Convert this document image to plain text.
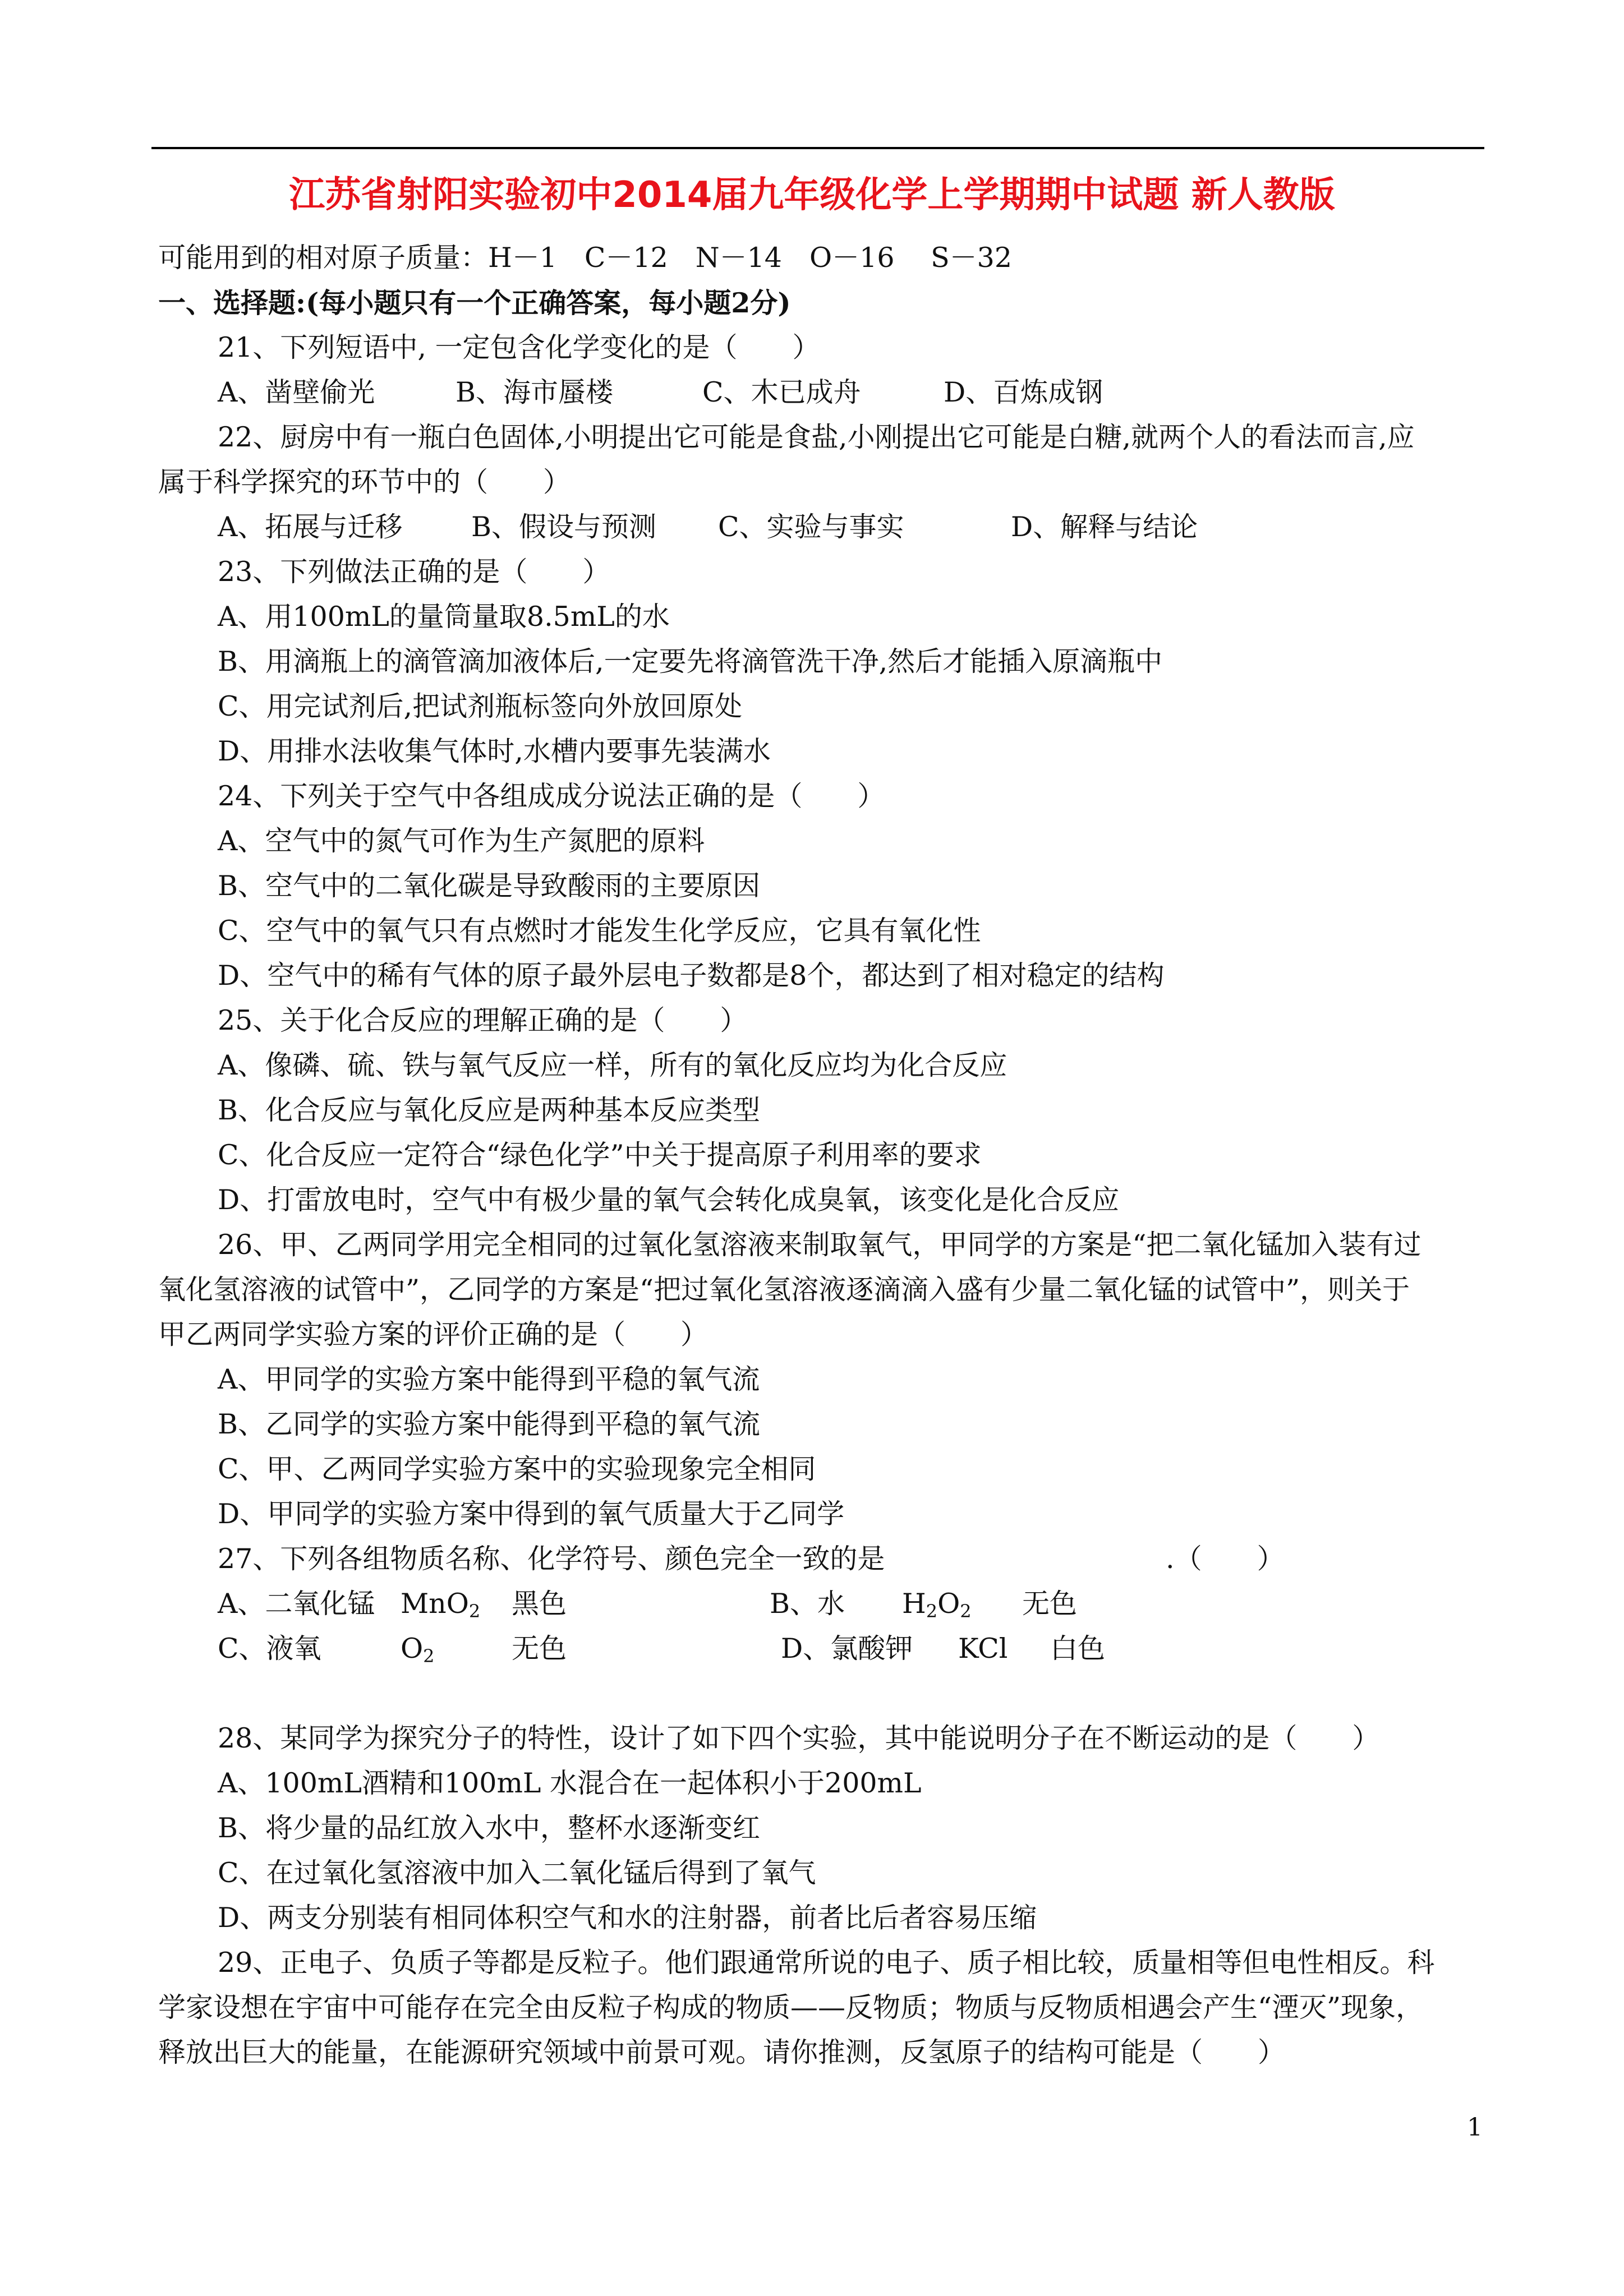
江苏省射阳实验初中2014届九年级化学上学期期中试题 新人教版
可能用到的相对原子质量：H－1　C－12　N－14　O－16　 S－32
一、选择题:(每小题只有一个正确答案，每小题2分)
21、下列短语中, 一定包含化学变化的是（　　）
A、凿壁偷光	B、海市蜃楼	C、木已成舟	D、百炼成钢
22、厨房中有一瓶白色固体,小明提出它可能是食盐,小刚提出它可能是白糖,就两个人的看法而言,应
属于科学探究的环节中的（　　）
A、拓展与迁移	B、假设与预测 C、实验与事实	D、解释与结论
23、下列做法正确的是（　　）
A、用100mL的量筒量取8.5mL的水
B、用滴瓶上的滴管滴加液体后,一定要先将滴管洗干净,然后才能插入原滴瓶中
C、用完试剂后,把试剂瓶标签向外放回原处
D、用排水法收集气体时,水槽内要事先装满水
24、下列关于空气中各组成成分说法正确的是（　　）
A、空气中的氮气可作为生产氮肥的原料
B、空气中的二氧化碳是导致酸雨的主要原因
C、空气中的氧气只有点燃时才能发生化学反应，它具有氧化性
D、空气中的稀有气体的原子最外层电子数都是8个，都达到了相对稳定的结构
25、关于化合反应的理解正确的是（　　）
A、像磷、硫、铁与氧气反应一样，所有的氧化反应均为化合反应
B、化合反应与氧化反应是两种基本反应类型
C、化合反应一定符合“绿色化学”中关于提高原子利用率的要求
D、打雷放电时，空气中有极少量的氧气会转化成臭氧，该变化是化合反应
26、甲、乙两同学用完全相同的过氧化氢溶液来制取氧气，甲同学的方案是“把二氧化锰加入装有过
氧化氢溶液的试管中”，乙同学的方案是“把过氧化氢溶液逐滴滴入盛有少量二氧化锰的试管中”，则关于
甲乙两同学实验方案的评价正确的是（　　）
A、甲同学的实验方案中能得到平稳的氧气流
B、乙同学的实验方案中能得到平稳的氧气流
C、甲、乙两同学实验方案中的实验现象完全相同
D、甲同学的实验方案中得到的氧气质量大于乙同学
27、下列各组物质名称、化学符号、颜色完全一致的是	.（　　）
A、二氧化锰 MnO$_2$ 黑色	B、水 $H_2O_2$ 无色
C、液氧	$O_2$	无色	D、氯酸钾 KCl 白色
28、某同学为探究分子的特性，设计了如下四个实验，其中能说明分子在不断运动的是（　　）
A、100mL酒精和100mL 水混合在一起体积小于200mL
B、将少量的品红放入水中，整杯水逐渐变红
C、在过氧化氢溶液中加入二氧化锰后得到了氧气
D、两支分别装有相同体积空气和水的注射器，前者比后者容易压缩
29、正电子、负质子等都是反粒子。他们跟通常所说的电子、质子相比较，质量相等但电性相反。科
学家设想在宇宙中可能存在完全由反粒子构成的物质——反物质；物质与反物质相遇会产生“湮灭”现象，
释放出巨大的能量，在能源研究领域中前景可观。请你推测，反氢原子的结构可能是（　　）
1
